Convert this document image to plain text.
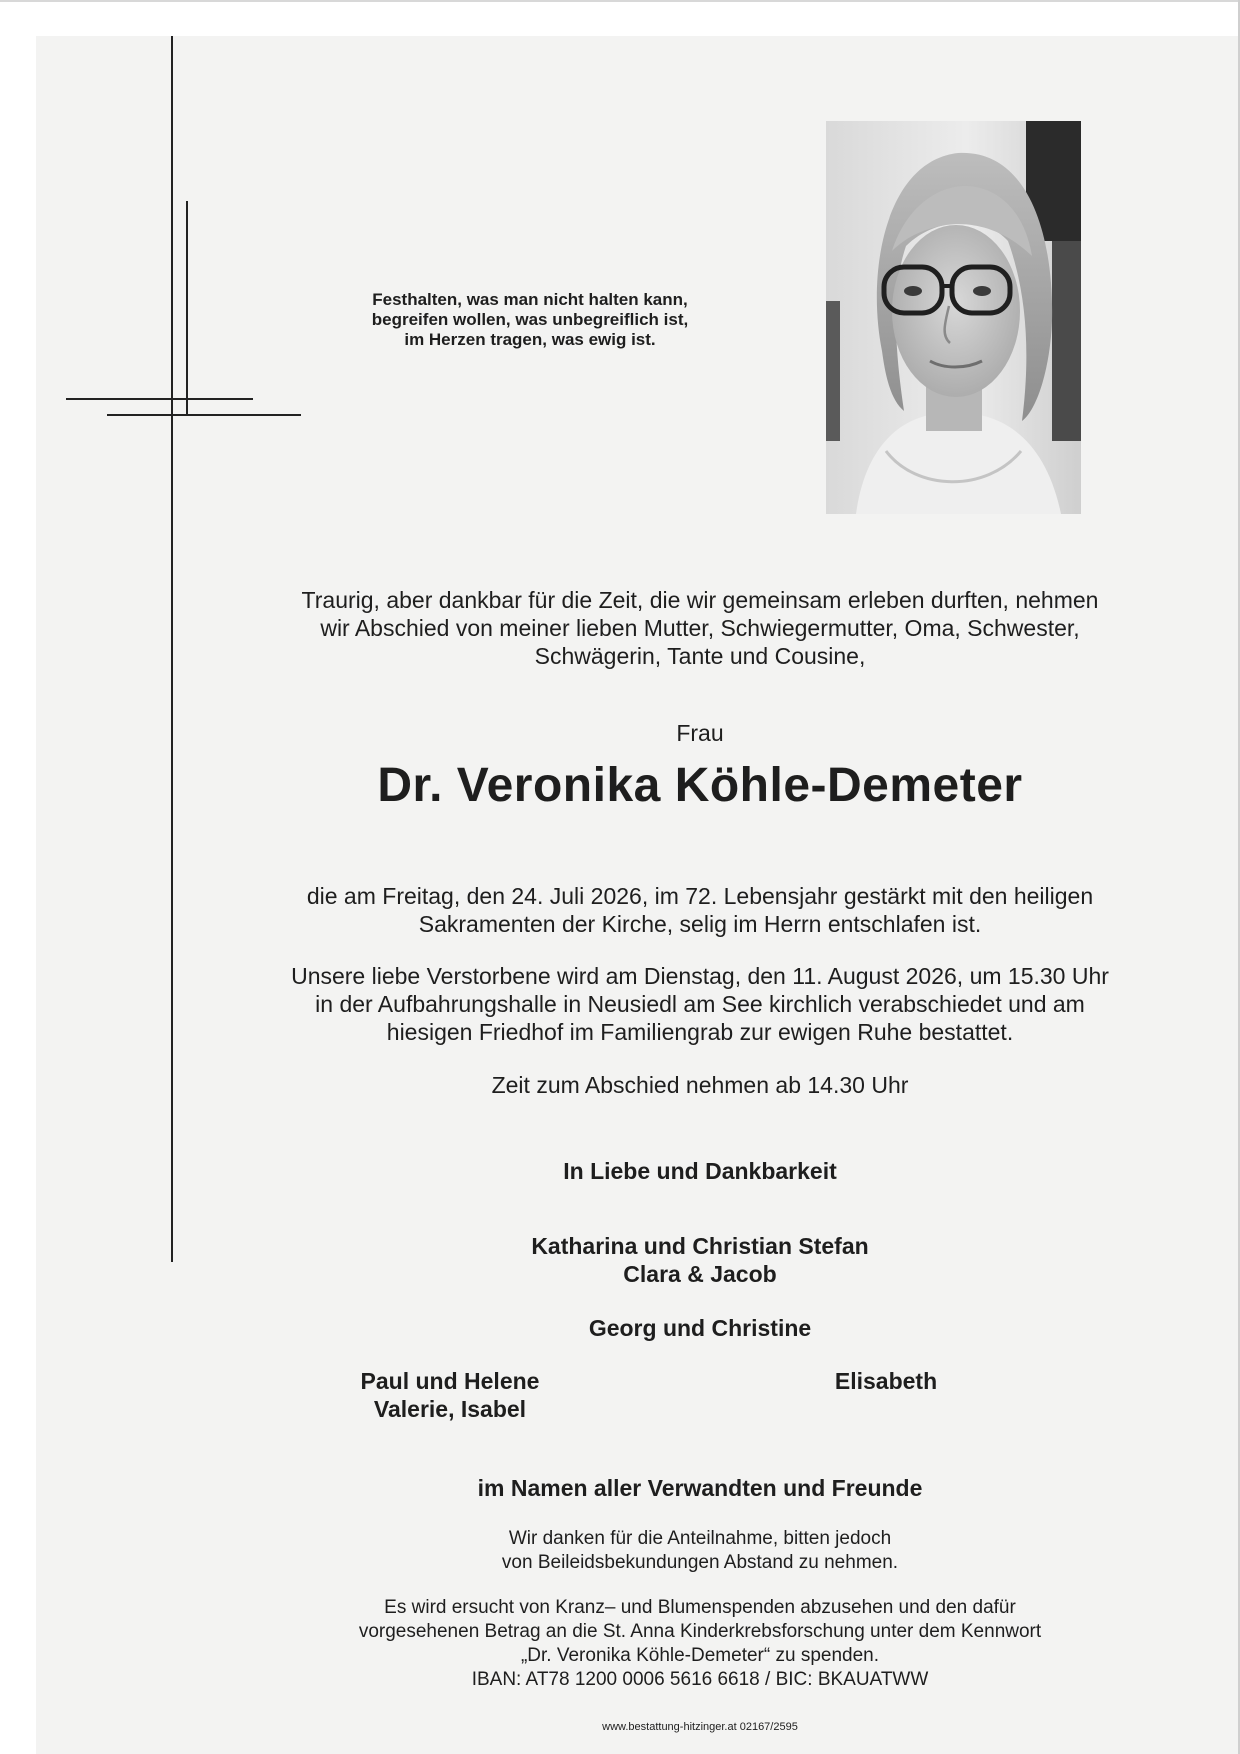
Festhalten, was man nicht halten kann,
begreifen wollen, was unbegreiflich ist,
im Herzen tragen, was ewig ist.
Traurig, aber dankbar für die Zeit, die wir gemeinsam erleben durften, nehmen
wir Abschied von meiner lieben Mutter, Schwiegermutter, Oma, Schwester,
Schwägerin, Tante und Cousine,
Frau
Dr. Veronika Köhle-Demeter
die am Freitag, den 24. Juli 2026, im 72. Lebensjahr gestärkt mit den heiligen
Sakramenten der Kirche, selig im Herrn entschlafen ist.
Unsere liebe Verstorbene wird am Dienstag, den 11. August 2026, um 15.30 Uhr
in der Aufbahrungshalle in Neusiedl am See kirchlich verabschiedet und am
hiesigen Friedhof im Familiengrab zur ewigen Ruhe bestattet.
Zeit zum Abschied nehmen ab 14.30 Uhr
In Liebe und Dankbarkeit
Katharina und Christian Stefan
Clara & Jacob
Georg und Christine
Paul und Helene
Valerie, Isabel
Elisabeth
im Namen aller Verwandten und Freunde
Wir danken für die Anteilnahme, bitten jedoch
von Beileidsbekundungen Abstand zu nehmen.
Es wird ersucht von Kranz– und Blumenspenden abzusehen und den dafür
vorgesehenen Betrag an die St. Anna Kinderkrebsforschung unter dem Kennwort
„Dr. Veronika Köhle-Demeter“ zu spenden.
IBAN: AT78 1200 0006 5616 6618 / BIC: BKAUATWW
www.bestattung-hitzinger.at 02167/2595
